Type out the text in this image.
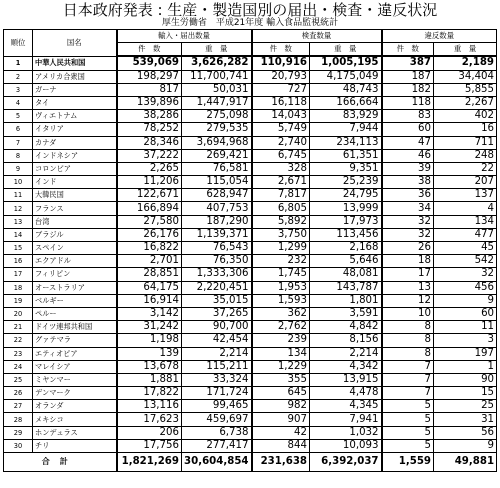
日本政府発表 : 生産・製造国別の届出・検査・違反状況
厚生労働省　平成21年度 輸入食品監視統計
順位	国名	輸入・届出数量		検査数量		違反数量	
		件　数	重　量	件　数	重　量	件　数	重　量
1	中華人民共和国	539,069	3,626,282	110,916	1,005,195	387	2,189
2	アメリカ合衆国	198,297	11,700,741	20,793	4,175,049	187	34,404
3	ガーナ	817	50,031	727	48,743	182	5,855
4	タイ	139,896	1,447,917	16,118	166,664	118	2,267
5	ヴィエトナム	38,286	275,098	14,043	83,929	83	402
6	イタリア	78,252	279,535	5,749	7,944	60	16
7	カナダ	28,346	3,694,968	2,740	234,113	47	711
8	インドネシア	37,222	269,421	6,745	61,351	46	248
9	コロンビア	2,265	76,581	328	9,351	39	22
10	インド	11,206	115,054	2,671	25,239	38	207
11	大韓民国	122,671	628,947	7,817	24,795	36	137
12	フランス	166,894	407,753	6,805	13,999	34	4
13	台湾	27,580	187,290	5,892	17,973	32	134
14	ブラジル	26,176	1,139,371	3,750	113,456	32	477
15	スペイン	16,822	76,543	1,299	2,168	26	45
16	エクアドル	2,701	76,350	232	5,646	18	542
17	フィリピン	28,851	1,333,306	1,745	48,081	17	32
18	オーストラリア	64,175	2,220,451	1,953	143,787	13	456
19	ベルギー	16,914	35,015	1,593	1,801	12	9
20	ペルー	3,142	37,265	362	3,591	10	60
21	ドイツ連邦共和国	31,242	90,700	2,762	4,842	8	11
22	グァテマラ	1,198	42,454	239	8,156	8	3
23	エティオピア	139	2,214	134	2,214	8	197
24	マレイシア	13,678	115,211	1,229	4,342	7	1
25	ミヤンマー	1,881	33,324	355	13,915	7	90
26	デンマーク	17,822	171,724	645	4,478	7	15
27	オランダ	13,116	99,465	982	4,345	5	25
28	メキシコ	17,623	459,697	907	7,941	5	31
29	ホンデュラス	206	6,738	42	1,032	5	56
30	チリ	17,756	277,417	844	10,093	5	9
合計		1,821,269	30,604,854	231,638	6,392,037	1,559	49,881
